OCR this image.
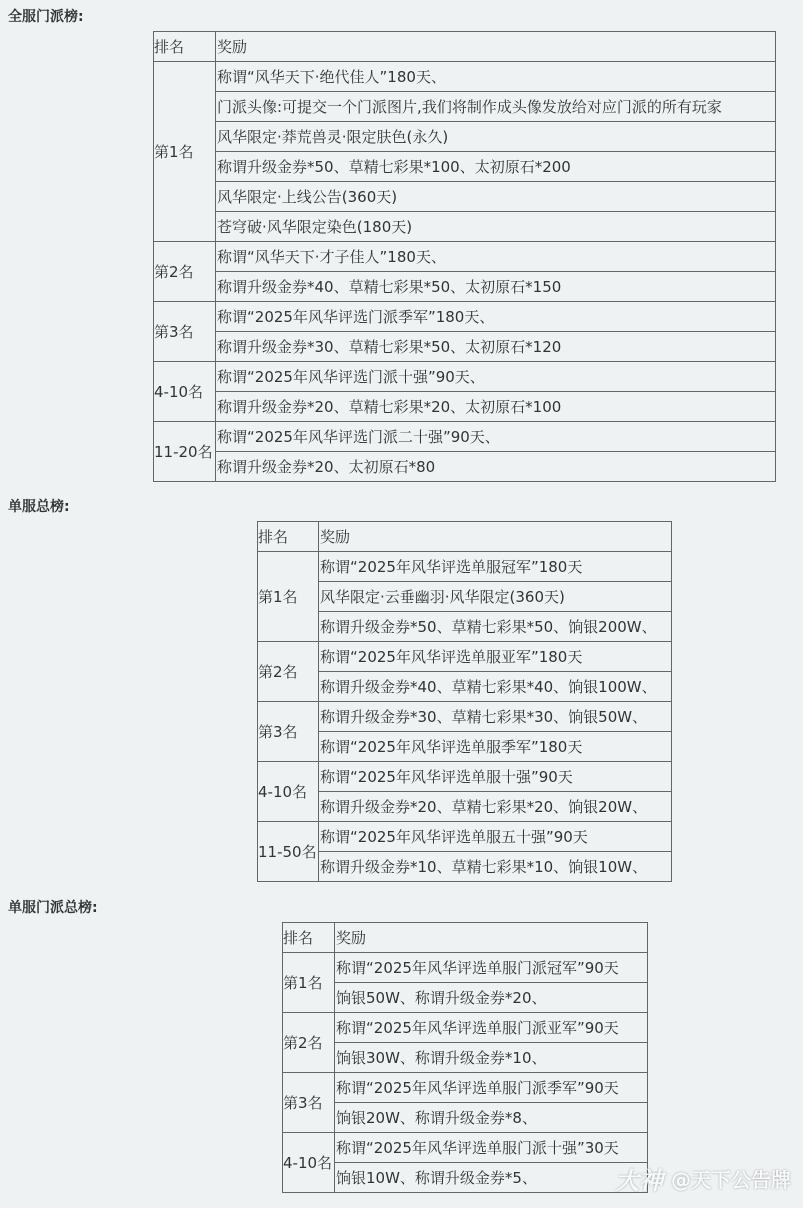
全服门派榜:
排名	奖励
第1名	称谓“风华天下·绝代佳人”180天、
	门派头像:可提交一个门派图片,我们将制作成头像发放给对应门派的所有玩家
	风华限定·莽荒兽灵·限定肤色(永久)
	称谓升级金券*50、草精七彩果*100、太初原石*200
	风华限定·上线公告(360天)
	苍穹破·风华限定染色(180天)
第2名	称谓“风华天下·才子佳人”180天、
	称谓升级金券*40、草精七彩果*50、太初原石*150
第3名	称谓“2025年风华评选门派季军”180天、
	称谓升级金券*30、草精七彩果*50、太初原石*120
4-10名	称谓“2025年风华评选门派十强”90天、
	称谓升级金券*20、草精七彩果*20、太初原石*100
11-20名	称谓“2025年风华评选门派二十强”90天、
	称谓升级金券*20、太初原石*80
单服总榜:
排名	奖励
第1名	称谓“2025年风华评选单服冠军”180天
	风华限定·云垂幽羽·风华限定(360天)
	称谓升级金券*50、草精七彩果*50、饷银200W、
第2名	称谓“2025年风华评选单服亚军”180天
	称谓升级金券*40、草精七彩果*40、饷银100W、
第3名	称谓升级金券*30、草精七彩果*30、饷银50W、
	称谓“2025年风华评选单服季军”180天
4-10名	称谓“2025年风华评选单服十强”90天
	称谓升级金券*20、草精七彩果*20、饷银20W、
11-50名	称谓“2025年风华评选单服五十强”90天
	称谓升级金券*10、草精七彩果*10、饷银10W、
单服门派总榜:
排名	奖励
第1名	称谓“2025年风华评选单服门派冠军”90天
	饷银50W、称谓升级金券*20、
第2名	称谓“2025年风华评选单服门派亚军”90天
	饷银30W、称谓升级金券*10、
第3名	称谓“2025年风华评选单服门派季军”90天
	饷银20W、称谓升级金券*8、
4-10名	称谓“2025年风华评选单服门派十强”30天
	饷银10W、称谓升级金券*5、	大神 @天下公告牌
